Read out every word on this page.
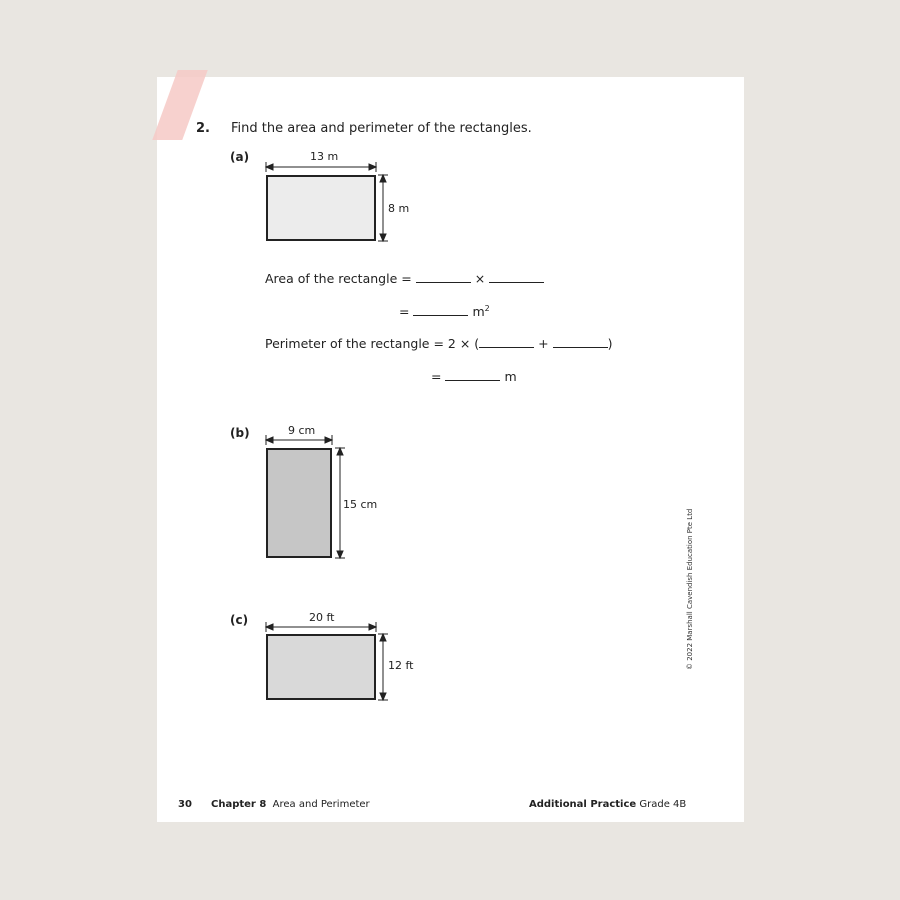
2. Find the area and perimeter of the rectangles.
(a)	13 m
8 m
Area of the rectangle =	×
=	$m^2$
Perimeter of the rectangle = 2 × (	+	)
=	m
(b)	9 cm
15 cm
(c)	20 ft
12 ft	© 2022 Marshall Cavendish Education Pte Ltd
30 Chapter 8 Area and Perimeter	Additional Practice Grade 4B
